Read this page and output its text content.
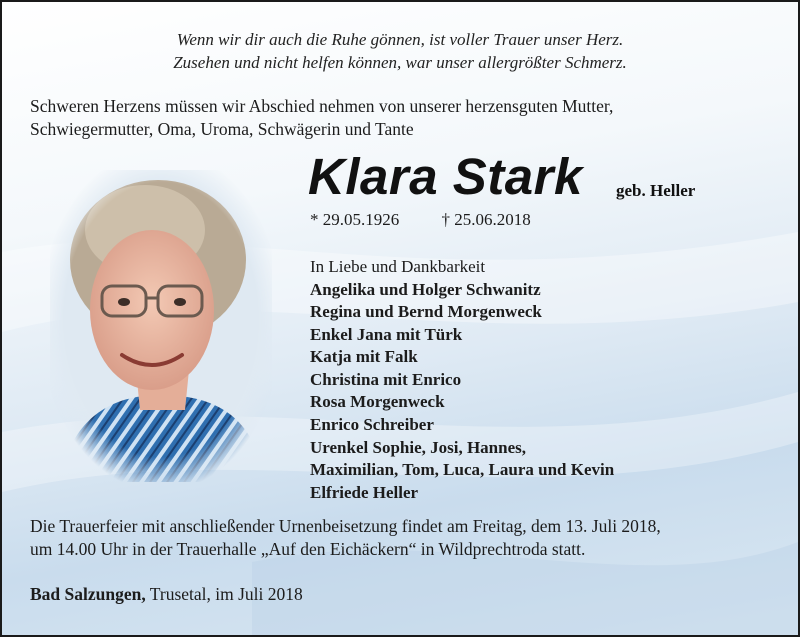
Wenn wir dir auch die Ruhe gönnen, ist voller Trauer unser Herz.
Zusehen und nicht helfen können, war unser allergrößter Schmerz.
Schweren Herzens müssen wir Abschied nehmen von unserer herzensguten Mutter,
Schwiegermutter, Oma, Uroma, Schwägerin und Tante
Klara Stark geb. Heller
* 29.05.1926 † 25.06.2018
In Liebe und Dankbarkeit
Angelika und Holger Schwanitz
Regina und Bernd Morgenweck
Enkel Jana mit Türk
Katja mit Falk
Christina mit Enrico
Rosa Morgenweck
Enrico Schreiber
Urenkel Sophie, Josi, Hannes,
Maximilian, Tom, Luca, Laura und Kevin
Elfriede Heller
Die Trauerfeier mit anschließender Urnenbeisetzung findet am Freitag, dem 13. Juli 2018,
um 14.00 Uhr in der Trauerhalle „Auf den Eichäckern“ in Wildprechtroda statt.
Bad Salzungen, Trusetal, im Juli 2018
